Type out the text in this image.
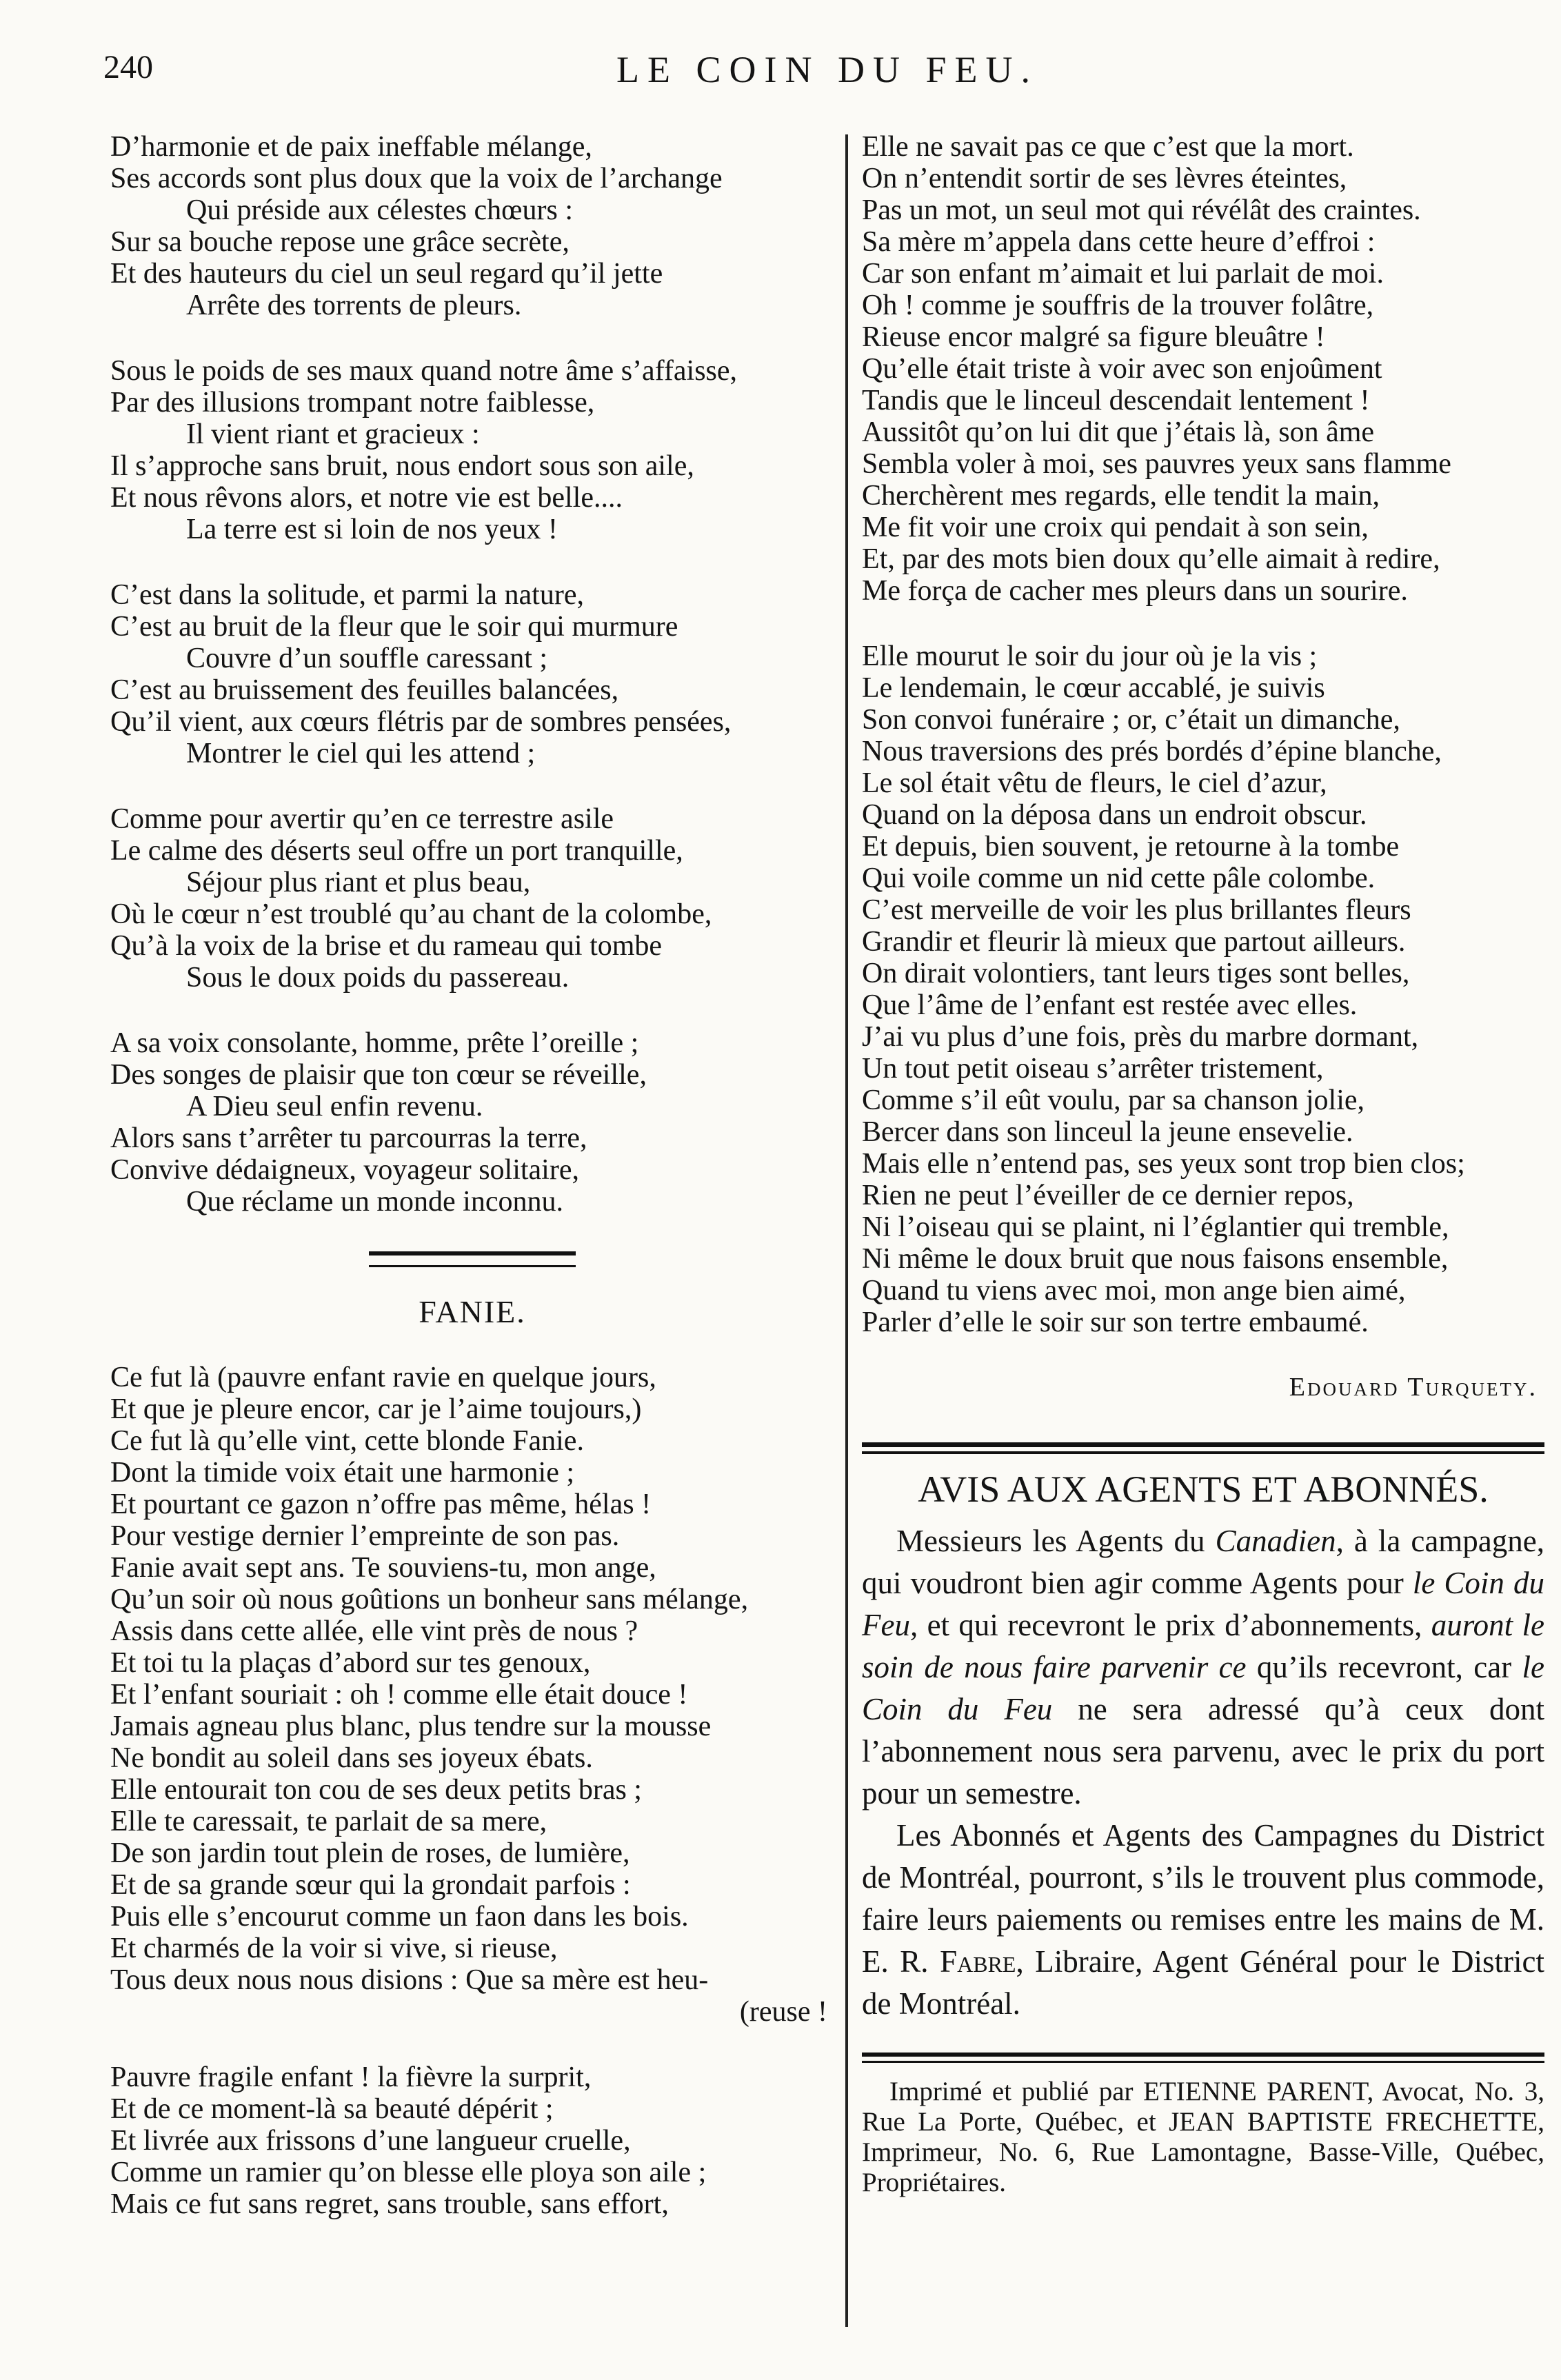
240	LE COIN DU FEU.
D’harmonie et de paix ineffable mélange,
Ses accords sont plus doux que la voix de l’archange
Qui préside aux célestes chœurs :
Sur sa bouche repose une grâce secrète,
Et des hauteurs du ciel un seul regard qu’il jette
Arrête des torrents de pleurs.
Sous le poids de ses maux quand notre âme s’affaisse,
Par des illusions trompant notre faiblesse,
Il vient riant et gracieux :
Il s’approche sans bruit, nous endort sous son aile,
Et nous rêvons alors, et notre vie est belle....
La terre est si loin de nos yeux !
C’est dans la solitude, et parmi la nature,
C’est au bruit de la fleur que le soir qui murmure
Couvre d’un souffle caressant ;
C’est au bruissement des feuilles balancées,
Qu’il vient, aux cœurs flétris par de sombres pensées,
Montrer le ciel qui les attend ;
Comme pour avertir qu’en ce terrestre asile
Le calme des déserts seul offre un port tranquille,
Séjour plus riant et plus beau,
Où le cœur n’est troublé qu’au chant de la colombe,
Qu’à la voix de la brise et du rameau qui tombe
Sous le doux poids du passereau.
A sa voix consolante, homme, prête l’oreille ;
Des songes de plaisir que ton cœur se réveille,
A Dieu seul enfin revenu.
Alors sans t’arrêter tu parcourras la terre,
Convive dédaigneux, voyageur solitaire,
Que réclame un monde inconnu.
FANIE.
Ce fut là (pauvre enfant ravie en quelque jours,
Et que je pleure encor, car je l’aime toujours,)
Ce fut là qu’elle vint, cette blonde Fanie.
Dont la timide voix était une harmonie ;
Et pourtant ce gazon n’offre pas même, hélas !
Pour vestige dernier l’empreinte de son pas.
Fanie avait sept ans. Te souviens-tu, mon ange,
Qu’un soir où nous goûtions un bonheur sans mélange,
Assis dans cette allée, elle vint près de nous ?
Et toi tu la plaças d’abord sur tes genoux,
Et l’enfant souriait : oh ! comme elle était douce !
Jamais agneau plus blanc, plus tendre sur la mousse
Ne bondit au soleil dans ses joyeux ébats.
Elle entourait ton cou de ses deux petits bras ;
Elle te caressait, te parlait de sa mere,
De son jardin tout plein de roses, de lumière,
Et de sa grande sœur qui la grondait parfois :
Puis elle s’encourut comme un faon dans les bois.
Et charmés de la voir si vive, si rieuse,
Tous deux nous nous disions : Que sa mère est heu-
(reuse !
Pauvre fragile enfant ! la fièvre la surprit,
Et de ce moment-là sa beauté dépérit ;
Et livrée aux frissons d’une langueur cruelle,
Comme un ramier qu’on blesse elle ploya son aile ;
Mais ce fut sans regret, sans trouble, sans effort,
Elle ne savait pas ce que c’est que la mort.
On n’entendit sortir de ses lèvres éteintes,
Pas un mot, un seul mot qui révélât des craintes.
Sa mère m’appela dans cette heure d’effroi :
Car son enfant m’aimait et lui parlait de moi.
Oh ! comme je souffris de la trouver folâtre,
Rieuse encor malgré sa figure bleuâtre !
Qu’elle était triste à voir avec son enjoûment
Tandis que le linceul descendait lentement !
Aussitôt qu’on lui dit que j’étais là, son âme
Sembla voler à moi, ses pauvres yeux sans flamme
Cherchèrent mes regards, elle tendit la main,
Me fit voir une croix qui pendait à son sein,
Et, par des mots bien doux qu’elle aimait à redire,
Me força de cacher mes pleurs dans un sourire.
Elle mourut le soir du jour où je la vis ;
Le lendemain, le cœur accablé, je suivis
Son convoi funéraire ; or, c’était un dimanche,
Nous traversions des prés bordés d’épine blanche,
Le sol était vêtu de fleurs, le ciel d’azur,
Quand on la déposa dans un endroit obscur.
Et depuis, bien souvent, je retourne à la tombe
Qui voile comme un nid cette pâle colombe.
C’est merveille de voir les plus brillantes fleurs
Grandir et fleurir là mieux que partout ailleurs.
On dirait volontiers, tant leurs tiges sont belles,
Que l’âme de l’enfant est restée avec elles.
J’ai vu plus d’une fois, près du marbre dormant,
Un tout petit oiseau s’arrêter tristement,
Comme s’il eût voulu, par sa chanson jolie,
Bercer dans son linceul la jeune ensevelie.
Mais elle n’entend pas, ses yeux sont trop bien clos;
Rien ne peut l’éveiller de ce dernier repos,
Ni l’oiseau qui se plaint, ni l’églantier qui tremble,
Ni même le doux bruit que nous faisons ensemble,
Quand tu viens avec moi, mon ange bien aimé,
Parler d’elle le soir sur son tertre embaumé.
Edouard Turquety.
AVIS AUX AGENTS ET ABONNÉS.

Messieurs les Agents du Canadien, à la campagne, qui voudront bien agir comme Agents pour le Coin du Feu, et qui recevront le prix d’abonnements, auront le soin de nous faire parvenir ce qu’ils recevront, car le Coin du Feu ne sera adressé qu’à ceux dont l’abonnement nous sera parvenu, avec le prix du port pour un semestre.

Les Abonnés et Agents des Campagnes du District de Montréal, pourront, s’ils le trouvent plus commode, faire leurs paiements ou remises entre les mains de M. E. R. Fabre, Libraire, Agent Général pour le District de Montréal.

Imprimé et publié par ETIENNE PARENT, Avocat, No. 3, Rue La Porte, Québec, et JEAN BAPTISTE FRECHETTE, Imprimeur, No. 6, Rue Lamontagne, Basse-Ville, Québec, Propriétaires.
